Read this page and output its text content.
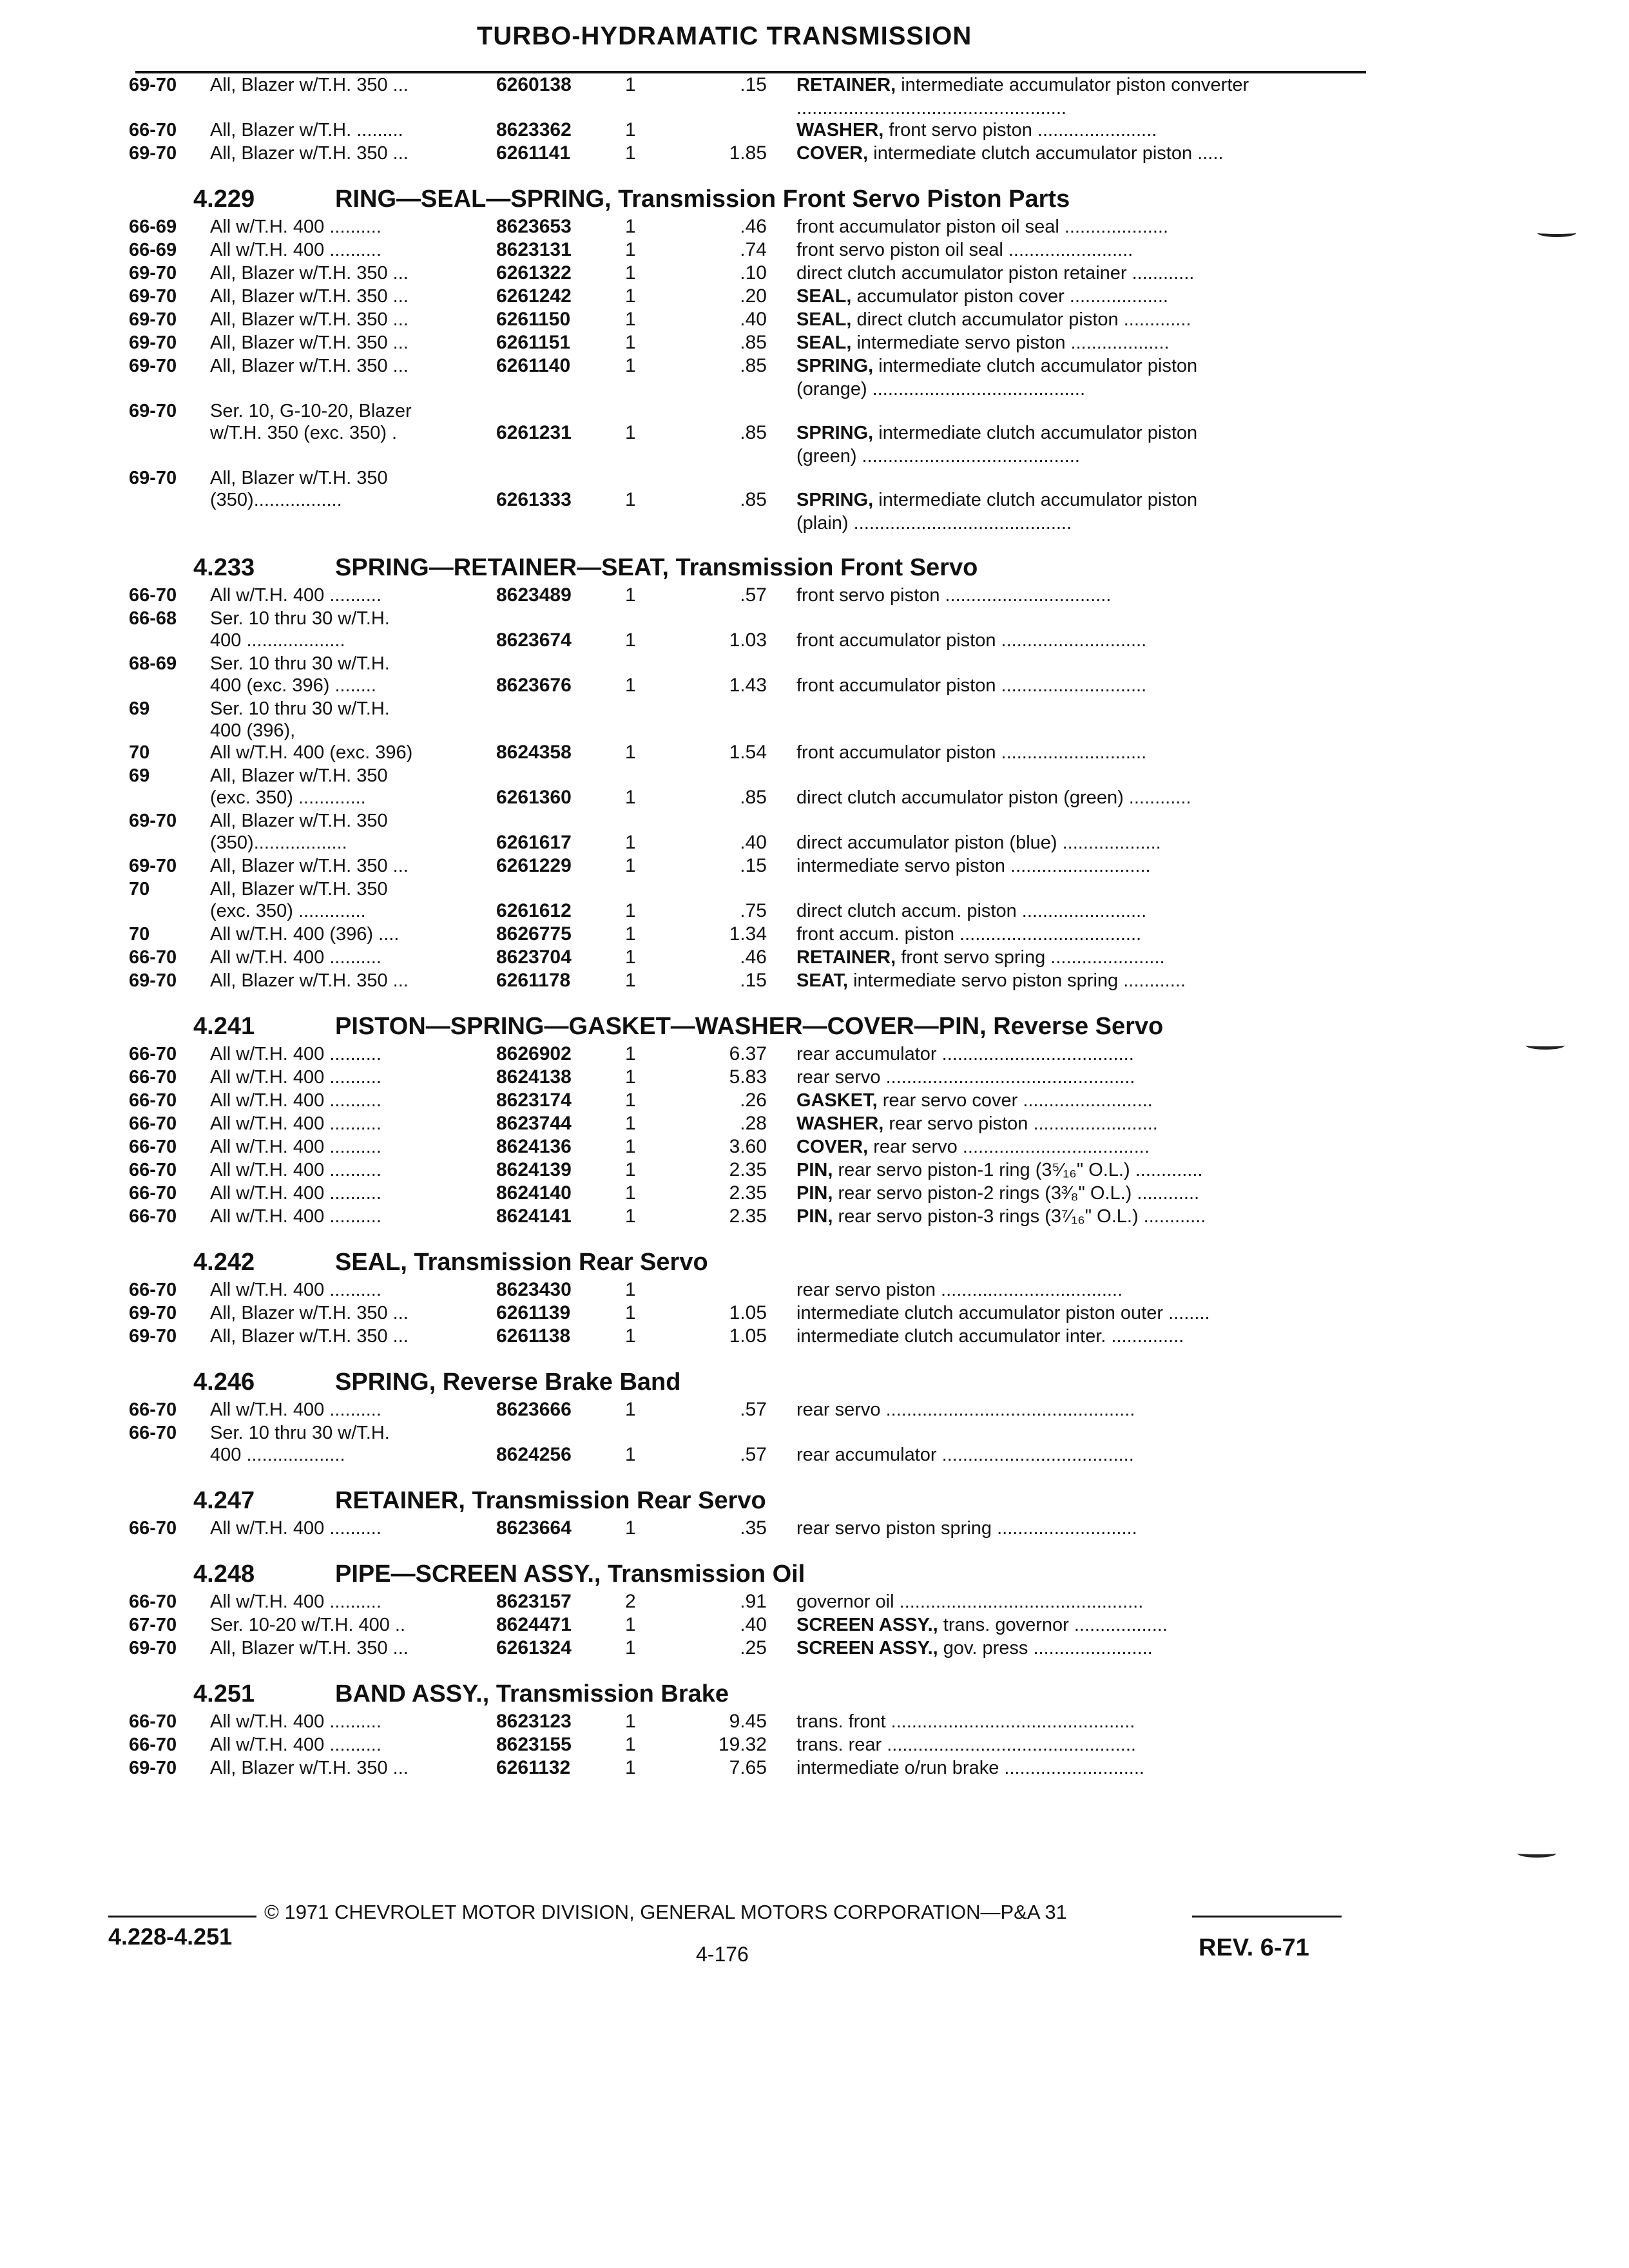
TURBO-HYDRAMATIC TRANSMISSION
69-70	All, Blazer w/T.H. 350 ...	6260138	1	.15 RETAINER, intermediate accumulator piston converter
....................................................
66-70	All, Blazer w/T.H. .........	8623362	1	WASHER, front servo piston .......................
69-70	All, Blazer w/T.H. 350 ...	6261141	1	1.85 COVER, intermediate clutch accumulator piston .....
4.229	RING—SEAL—SPRING, Transmission Front Servo Piston Parts
66-69	All w/T.H. 400 ..........	8623653	1	.46 front accumulator piston oil seal ....................
66-69	All w/T.H. 400 ..........	8623131	1	.74 front servo piston oil seal ........................
69-70	All, Blazer w/T.H. 350 ...	6261322	1	.10 direct clutch accumulator piston retainer ............
69-70	All, Blazer w/T.H. 350 ...	6261242	1	.20 SEAL, accumulator piston cover ...................
69-70	All, Blazer w/T.H. 350 ...	6261150	1	.40 SEAL, direct clutch accumulator piston .............
69-70	All, Blazer w/T.H. 350 ...	6261151	1	.85 SEAL, intermediate servo piston ...................
69-70	All, Blazer w/T.H. 350 ...	6261140	1	.85 SPRING, intermediate clutch accumulator piston
(orange) .........................................
69-70	Ser. 10, G-10-20, Blazer
w/T.H. 350 (exc. 350) .	6261231	1	.85 SPRING, intermediate clutch accumulator piston
(green) ..........................................
69-70	All, Blazer w/T.H. 350
(350).................	6261333	1	.85 SPRING, intermediate clutch accumulator piston
(plain) ..........................................
4.233	SPRING—RETAINER—SEAT, Transmission Front Servo
66-70	All w/T.H. 400 ..........	8623489	1	.57 front servo piston ................................
66-68	Ser. 10 thru 30 w/T.H.
400 ...................	8623674	1	1.03 front accumulator piston ............................
68-69	Ser. 10 thru 30 w/T.H.
400 (exc. 396) ........	8623676	1	1.43 front accumulator piston ............................
69	Ser. 10 thru 30 w/T.H.
400 (396),
70	All w/T.H. 400 (exc. 396)	8624358	1	1.54 front accumulator piston ............................
69	All, Blazer w/T.H. 350
(exc. 350) .............	6261360	1	.85 direct clutch accumulator piston (green) ............
69-70	All, Blazer w/T.H. 350
(350)..................	6261617	1	.40 direct accumulator piston (blue) ...................
69-70	All, Blazer w/T.H. 350 ...	6261229	1	.15 intermediate servo piston ...........................
70	All, Blazer w/T.H. 350
(exc. 350) .............	6261612	1	.75 direct clutch accum. piston ........................
70	All w/T.H. 400 (396) ....	8626775	1	1.34 front accum. piston ...................................
66-70	All w/T.H. 400 ..........	8623704	1	.46 RETAINER, front servo spring ......................
69-70	All, Blazer w/T.H. 350 ...	6261178	1	.15 SEAT, intermediate servo piston spring ............
4.241	PISTON—SPRING—GASKET—WASHER—COVER—PIN, Reverse Servo
66-70	All w/T.H. 400 ..........	8626902	1	6.37 rear accumulator .....................................
66-70	All w/T.H. 400 ..........	8624138	1	5.83 rear servo ................................................
66-70	All w/T.H. 400 ..........	8623174	1	.26 GASKET, rear servo cover .........................
66-70	All w/T.H. 400 ..........	8623744	1	.28 WASHER, rear servo piston ........................
66-70	All w/T.H. 400 ..........	8624136	1	3.60 COVER, rear servo ....................................
66-70	All w/T.H. 400 ..........	8624139	1	2.35 PIN, rear servo piston-1 ring (3⁵⁄₁₆" O.L.) .............
66-70	All w/T.H. 400 ..........	8624140	1	2.35 PIN, rear servo piston-2 rings (3³⁄₈" O.L.) ............
66-70	All w/T.H. 400 ..........	8624141	1	2.35 PIN, rear servo piston-3 rings (3⁷⁄₁₆" O.L.) ............
4.242	SEAL, Transmission Rear Servo
66-70	All w/T.H. 400 ..........	8623430	1	rear servo piston ...................................
69-70	All, Blazer w/T.H. 350 ...	6261139	1	1.05 intermediate clutch accumulator piston outer ........
69-70	All, Blazer w/T.H. 350 ...	6261138	1	1.05 intermediate clutch accumulator inter. ..............
4.246	SPRING, Reverse Brake Band
66-70	All w/T.H. 400 ..........	8623666	1	.57 rear servo ................................................
66-70	Ser. 10 thru 30 w/T.H.
400 ...................	8624256	1	.57 rear accumulator .....................................
4.247	RETAINER, Transmission Rear Servo
66-70	All w/T.H. 400 ..........	8623664	1	.35 rear servo piston spring ...........................
4.248	PIPE—SCREEN ASSY., Transmission Oil
66-70	All w/T.H. 400 ..........	8623157	2	.91 governor oil ...............................................
67-70	Ser. 10-20 w/T.H. 400 ..	8624471	1	.40 SCREEN ASSY., trans. governor ..................
69-70	All, Blazer w/T.H. 350 ...	6261324	1	.25 SCREEN ASSY., gov. press .......................
4.251	BAND ASSY., Transmission Brake
66-70	All w/T.H. 400 ..........	8623123	1	9.45 trans. front ...............................................
66-70	All w/T.H. 400 ..........	8623155	1	19.32 trans. rear ................................................
69-70	All, Blazer w/T.H. 350 ...	6261132	1	7.65 intermediate o/run brake ...........................
© 1971 CHEVROLET MOTOR DIVISION, GENERAL MOTORS CORPORATION—P&A 31
4.228-4.251
4-176	REV. 6-71
